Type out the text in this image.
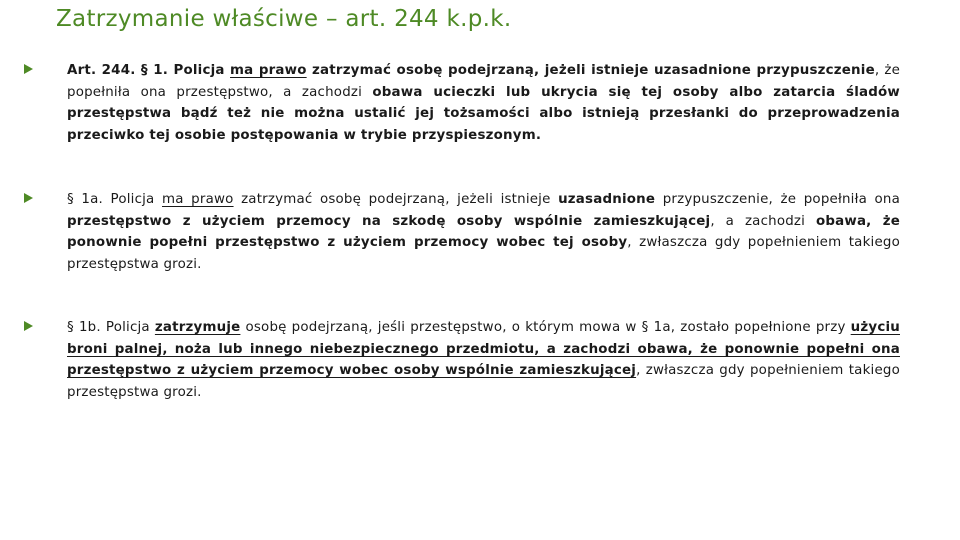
Zatrzymanie właściwe – art. 244 k.p.k.
Art. 244. § 1. Policja ma prawo zatrzymać osobę podejrzaną, jeżeli istnieje uzasadnione przypuszczenie, że popełniła ona przestępstwo, a zachodzi obawa ucieczki lub ukrycia się tej osoby albo zatarcia śladów przestępstwa bądź też nie można ustalić jej tożsamości albo istnieją przesłanki do przeprowadzenia przeciwko tej osobie postępowania w trybie przyspieszonym.
§ 1a. Policja ma prawo zatrzymać osobę podejrzaną, jeżeli istnieje uzasadnione przypuszczenie, że popełniła ona przestępstwo z użyciem przemocy na szkodę osoby wspólnie zamieszkującej, a zachodzi obawa, że ponownie popełni przestępstwo z użyciem przemocy wobec tej osoby, zwłaszcza gdy popełnieniem takiego przestępstwa grozi.
§ 1b. Policja zatrzymuje osobę podejrzaną, jeśli przestępstwo, o którym mowa w § 1a, zostało popełnione przy użyciu broni palnej, noża lub innego niebezpiecznego przedmiotu, a zachodzi obawa, że ponownie popełni ona przestępstwo z użyciem przemocy wobec osoby wspólnie zamieszkującej, zwłaszcza gdy popełnieniem takiego przestępstwa grozi.
